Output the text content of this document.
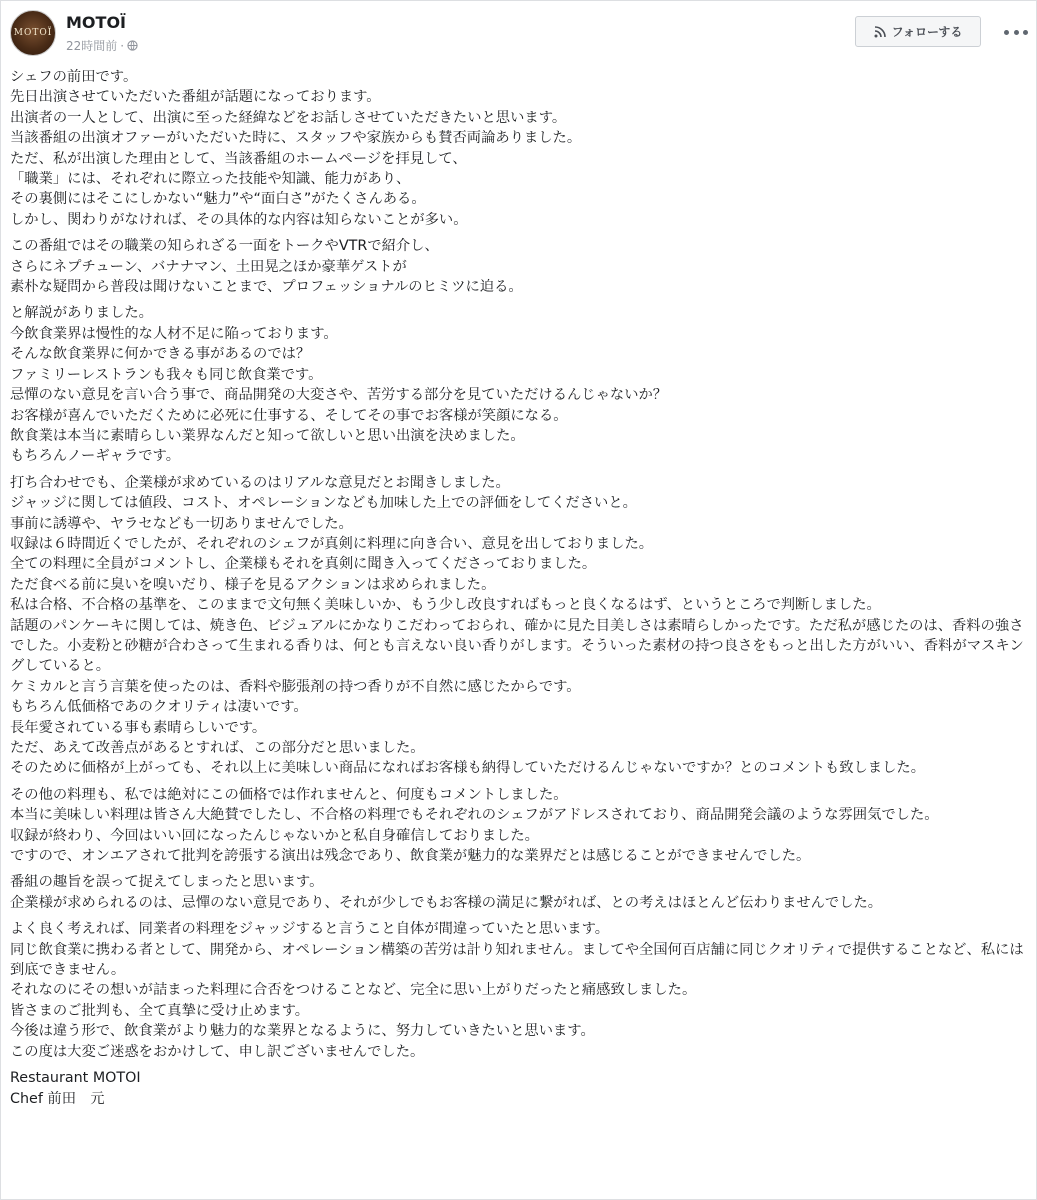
MOTOÏ
MOTOÏ
22時間前 ·
フォローする

シェフの前田です。
先日出演させていただいた番組が話題になっております。
出演者の一人として、出演に至った経緯などをお話しさせていただきたいと思います。
当該番組の出演オファーがいただいた時に、スタッフや家族からも賛否両論ありました。
ただ、私が出演した理由として、当該番組のホームページを拝見して、
「職業」には、それぞれに際立った技能や知識、能力があり、
その裏側にはそこにしかない“魅力”や“面白さ”がたくさんある。
しかし、関わりがなければ、その具体的な内容は知らないことが多い。

この番組ではその職業の知られざる一面をトークやVTRで紹介し、
さらにネプチューン、バナナマン、土田晃之ほか豪華ゲストが
素朴な疑問から普段は聞けないことまで、プロフェッショナルのヒミツに迫る。

と解説がありました。
今飲食業界は慢性的な人材不足に陥っております。
そんな飲食業界に何かできる事があるのでは？
ファミリーレストランも我々も同じ飲食業です。
忌憚のない意見を言い合う事で、商品開発の大変さや、苦労する部分を見ていただけるんじゃないか？
お客様が喜んでいただくために必死に仕事する、そしてその事でお客様が笑顔になる。
飲食業は本当に素晴らしい業界なんだと知って欲しいと思い出演を決めました。
もちろんノーギャラです。

打ち合わせでも、企業様が求めているのはリアルな意見だとお聞きしました。
ジャッジに関しては値段、コスト、オペレーションなども加味した上での評価をしてくださいと。
事前に誘導や、ヤラセなども一切ありませんでした。
収録は６時間近くでしたが、それぞれのシェフが真剣に料理に向き合い、意見を出しておりました。
全ての料理に全員がコメントし、企業様もそれを真剣に聞き入ってくださっておりました。
ただ食べる前に臭いを嗅いだり、様子を見るアクションは求められました。
私は合格、不合格の基準を、このままで文句無く美味しいか、もう少し改良すればもっと良くなるはず、というところで判断しました。
話題のパンケーキに関しては、焼き色、ビジュアルにかなりこだわっておられ、確かに見た目美しさは素晴らしかったです。ただ私が感じたのは、香料の強さでした。小麦粉と砂糖が合わさって生まれる香りは、何とも言えない良い香りがします。そういった素材の持つ良さをもっと出した方がいい、香料がマスキングしていると。
ケミカルと言う言葉を使ったのは、香料や膨張剤の持つ香りが不自然に感じたからです。
もちろん低価格であのクオリティは凄いです。
長年愛されている事も素晴らしいです。
ただ、あえて改善点があるとすれば、この部分だと思いました。
そのために価格が上がっても、それ以上に美味しい商品になればお客様も納得していただけるんじゃないですか？とのコメントも致しました。

その他の料理も、私では絶対にこの価格では作れませんと、何度もコメントしました。
本当に美味しい料理は皆さん大絶賛でしたし、不合格の料理でもそれぞれのシェフがアドレスされており、商品開発会議のような雰囲気でした。
収録が終わり、今回はいい回になったんじゃないかと私自身確信しておりました。
ですので、オンエアされて批判を誇張する演出は残念であり、飲食業が魅力的な業界だとは感じることができませんでした。

番組の趣旨を誤って捉えてしまったと思います。
企業様が求められるのは、忌憚のない意見であり、それが少しでもお客様の満足に繋がれば、との考えはほとんど伝わりませんでした。

よく良く考えれば、同業者の料理をジャッジすると言うこと自体が間違っていたと思います。
同じ飲食業に携わる者として、開発から、オペレーション構築の苦労は計り知れません。ましてや全国何百店舗に同じクオリティで提供することなど、私には到底できません。
それなのにその想いが詰まった料理に合否をつけることなど、完全に思い上がりだったと痛感致しました。
皆さまのご批判も、全て真摯に受け止めます。
今後は違う形で、飲食業がより魅力的な業界となるように、努力していきたいと思います。
この度は大変ご迷惑をおかけして、申し訳ございませんでした。

Restaurant MOTOI
Chef 前田　元
